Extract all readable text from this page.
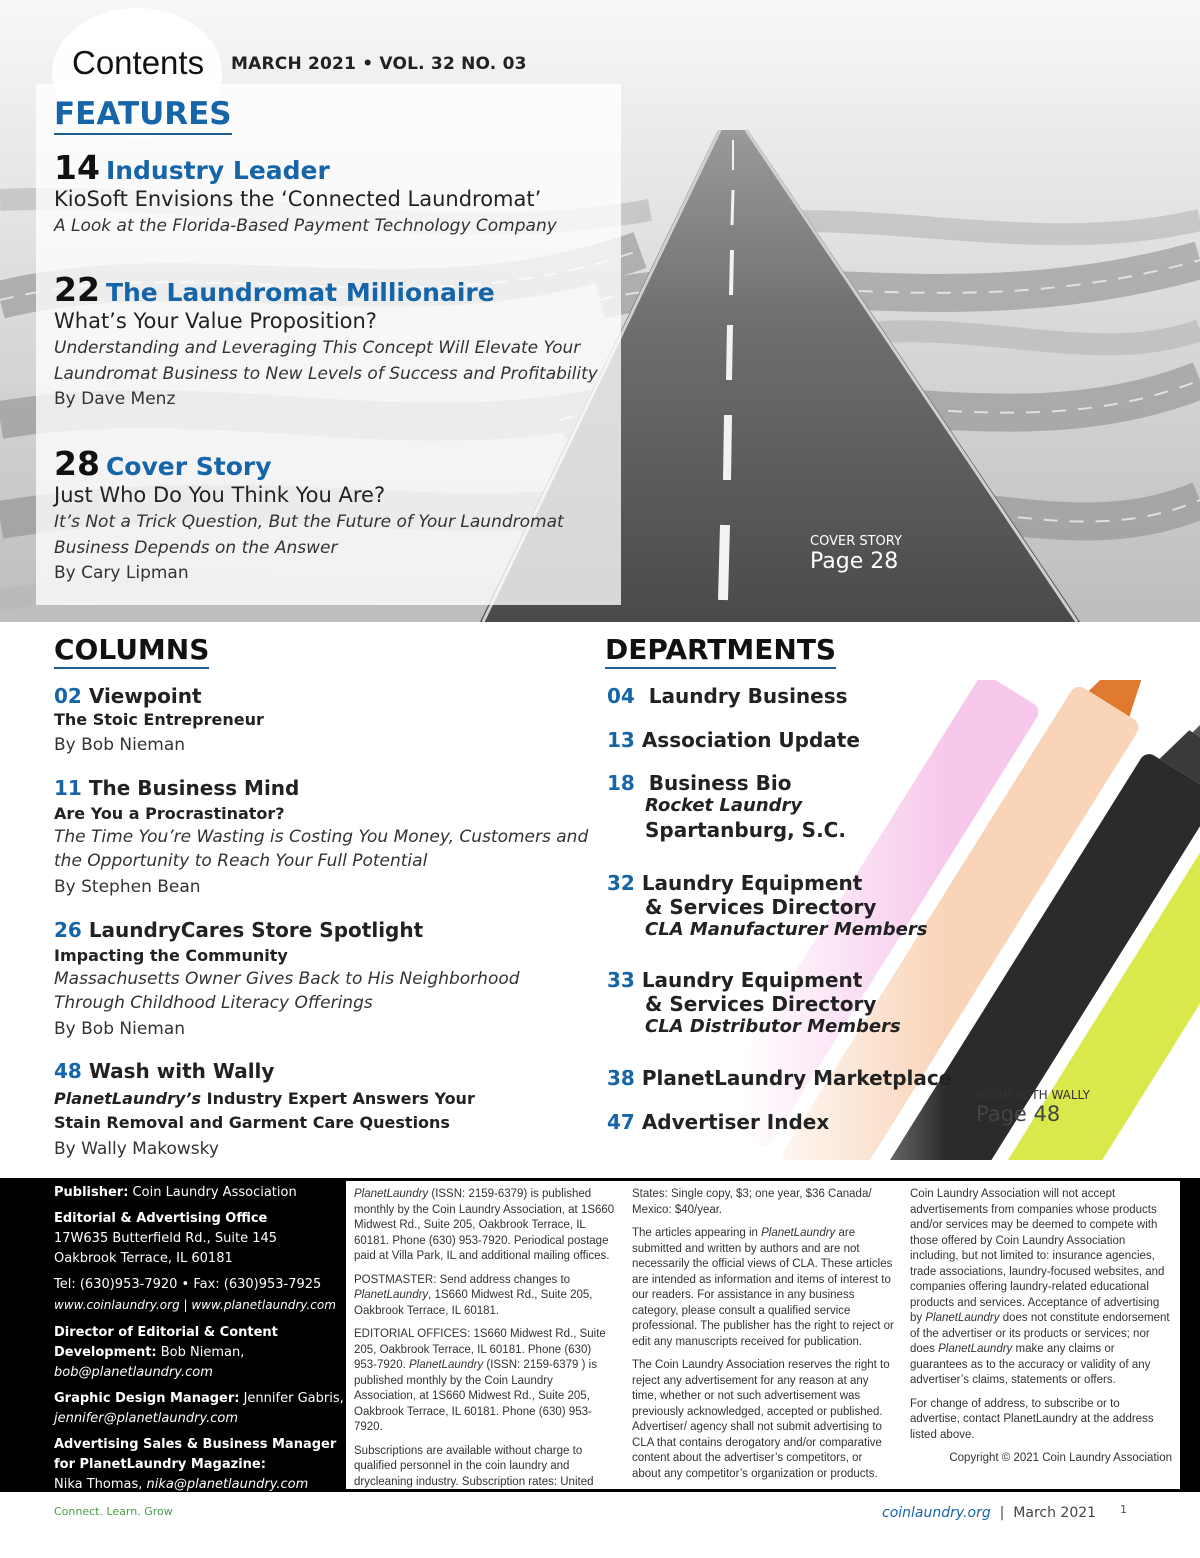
Contents MARCH 2021 • VOL. 32 NO. 03
FEATURES
14 Industry Leader
KioSoft Envisions the ‘Connected Laundromat’
A Look at the Florida-Based Payment Technology Company
22 The Laundromat Millionaire
What’s Your Value Proposition?
Understanding and Leveraging This Concept Will Elevate Your Laundromat Business to New Levels of Success and Profitability
By Dave Menz
28 Cover Story
Just Who Do You Think You Are?
It’s Not a Trick Question, But the Future of Your Laundromat Business Depends on the Answer
By Cary Lipman
COVER STORY
Page 28
COLUMNS
02 Viewpoint
The Stoic Entrepreneur
By Bob Nieman
11 The Business Mind
Are You a Procrastinator?
The Time You’re Wasting is Costing You Money, Customers and the Opportunity to Reach Your Full Potential
By Stephen Bean
26 LaundryCares Store Spotlight
Impacting the Community
Massachusetts Owner Gives Back to His Neighborhood Through Childhood Literacy Offerings
By Bob Nieman
48 Wash with Wally
PlanetLaundry’s Industry Expert Answers Your Stain Removal and Garment Care Questions
By Wally Makowsky
DEPARTMENTS
04 Laundry Business
13 Association Update
18 Business Bio
Rocket Laundry
Spartanburg, S.C.
32 Laundry Equipment
& Services Directory
CLA Manufacturer Members
33 Laundry Equipment
& Services Directory
CLA Distributor Members
38 PlanetLaundry Marketplace
47 Advertiser Index
WASH WITH WALLY
Page 48
Publisher: Coin Laundry Association
Editorial & Advertising Office
17W635 Butterfield Rd., Suite 145
Oakbrook Terrace, IL 60181
Tel: (630)953-7920 • Fax: (630)953-7925
www.coinlaundry.org | www.planetlaundry.com
Director of Editorial & Content Development: Bob Nieman,
bob@planetlaundry.com
Graphic Design Manager: Jennifer Gabris,
jennifer@planetlaundry.com
Advertising Sales & Business Manager for PlanetLaundry Magazine:
Nika Thomas, nika@planetlaundry.com

PlanetLaundry (ISSN: 2159-6379) is published monthly by the Coin Laundry Association, at 1S660 Midwest Rd., Suite 205, Oakbrook Terrace, IL 60181. Phone (630) 953-7920. Periodical postage paid at Villa Park, IL and additional mailing offices.

POSTMASTER: Send address changes to PlanetLaundry, 1S660 Midwest Rd., Suite 205, Oakbrook Terrace, IL 60181.

EDITORIAL OFFICES: 1S660 Midwest Rd., Suite 205, Oakbrook Terrace, IL 60181. Phone (630) 953-7920. PlanetLaundry (ISSN: 2159-6379 ) is published monthly by the Coin Laundry Association, at 1S660 Midwest Rd., Suite 205, Oakbrook Terrace, IL 60181. Phone (630) 953-7920.

Subscriptions are available without charge to qualified personnel in the coin laundry and drycleaning industry. Subscription rates: United

States: Single copy, $3; one year, $36 Canada/ Mexico: $40/year.

The articles appearing in PlanetLaundry are submitted and written by authors and are not necessarily the official views of CLA. These articles are intended as information and items of interest to our readers. For assistance in any business category, please consult a qualified service professional. The publisher has the right to reject or edit any manuscripts received for publication.

The Coin Laundry Association reserves the right to reject any advertisement for any reason at any time, whether or not such advertisement was previously acknowledged, accepted or published. Advertiser/ agency shall not submit advertising to CLA that contains derogatory and/or comparative content about the advertiser’s competitors, or about any competitor’s organization or products.

Coin Laundry Association will not accept advertisements from companies whose products and/or services may be deemed to compete with those offered by Coin Laundry Association including, but not limited to: insurance agencies, trade associations, laundry-focused websites, and companies offering laundry-related educational products and services. Acceptance of advertising by PlanetLaundry does not constitute endorsement of the advertiser or its products or services; nor does PlanetLaundry make any claims or guarantees as to the accuracy or validity of any advertiser’s claims, statements or offers.

For change of address, to subscribe or to advertise, contact PlanetLaundry at the address listed above.

Copyright © 2021 Coin Laundry Association

Connect. Learn. Grow	coinlaundry.org  |  March 2021 1
